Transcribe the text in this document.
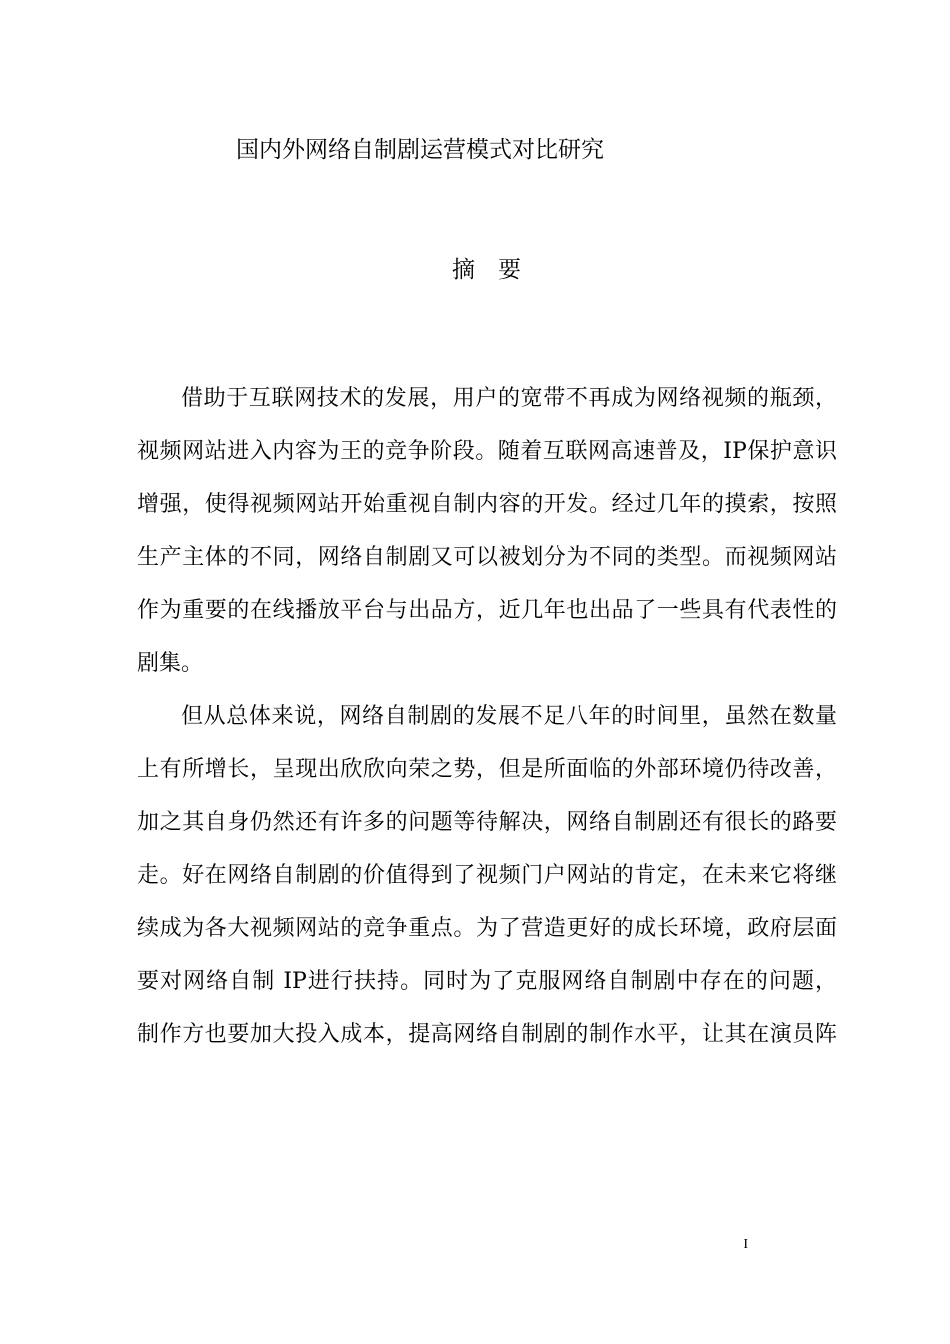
国内外网络自制剧运营模式对比研究
摘　要
借助于互联网技术的发展，用户的宽带不再成为网络视频的瓶颈，
视频网站进入内容为王的竞争阶段。随着互联网高速普及，IP保护意识
增强，使得视频网站开始重视自制内容的开发。经过几年的摸索，按照
生产主体的不同，网络自制剧又可以被划分为不同的类型。而视频网站
作为重要的在线播放平台与出品方，近几年也出品了一些具有代表性的
剧集。
但从总体来说，网络自制剧的发展不足八年的时间里，虽然在数量
上有所增长，呈现出欣欣向荣之势，但是所面临的外部环境仍待改善，
加之其自身仍然还有许多的问题等待解决，网络自制剧还有很长的路要
走。好在网络自制剧的价值得到了视频门户网站的肯定，在未来它将继
续成为各大视频网站的竞争重点。为了营造更好的成长环境，政府层面
要对网络自制 IP进行扶持。同时为了克服网络自制剧中存在的问题，
制作方也要加大投入成本，提高网络自制剧的制作水平，让其在演员阵
I
